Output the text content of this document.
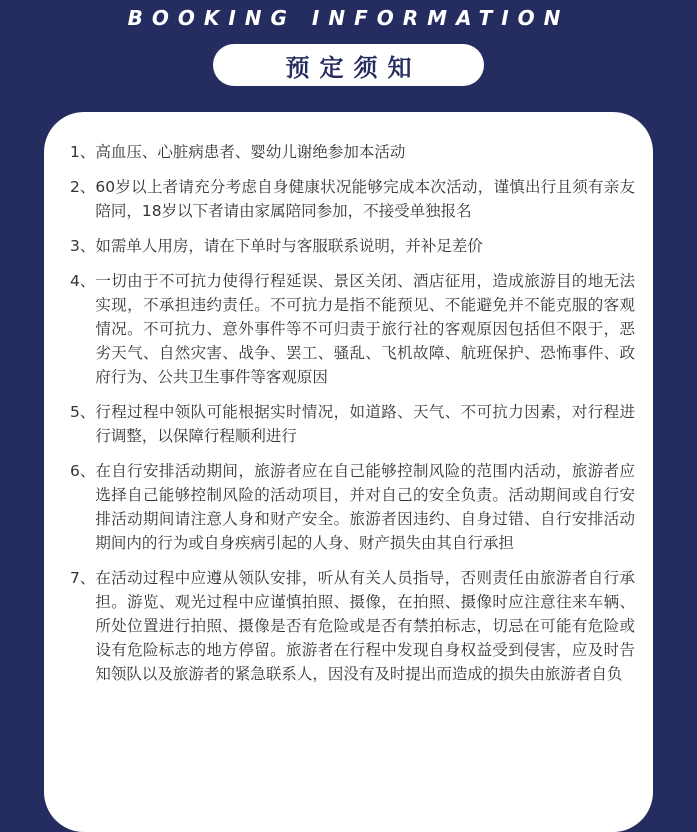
BOOKING INFORMATION
预定须知
1、 高血压、心脏病患者、婴幼儿谢绝参加本活动
2、 60岁以上者请充分考虑自身健康状况能够完成本次活动，谨慎出行且须有亲友陪同，18岁以下者请由家属陪同参加，不接受单独报名
3、 如需单人用房，请在下单时与客服联系说明，并补足差价
4、 一切由于不可抗力使得行程延误、景区关闭、酒店征用，造成旅游目的地无法实现，不承担违约责任。不可抗力是指不能预见、不能避免并不能克服的客观情况。不可抗力、意外事件等不可归责于旅行社的客观原因包括但不限于，恶劣天气、自然灾害、战争、罢工、骚乱、飞机故障、航班保护、恐怖事件、政府行为、公共卫生事件等客观原因
5、 行程过程中领队可能根据实时情况，如道路、天气、不可抗力因素，对行程进行调整，以保障行程顺利进行
6、 在自行安排活动期间，旅游者应在自己能够控制风险的范围内活动，旅游者应选择自己能够控制风险的活动项目，并对自己的安全负责。活动期间或自行安排活动期间请注意人身和财产安全。旅游者因违约、自身过错、自行安排活动期间内的行为或自身疾病引起的人身、财产损失由其自行承担
7、 在活动过程中应遵从领队安排，听从有关人员指导，否则责任由旅游者自行承担。游览、观光过程中应谨慎拍照、摄像，在拍照、摄像时应注意往来车辆、所处位置进行拍照、摄像是否有危险或是否有禁拍标志，切忌在可能有危险或设有危险标志的地方停留。旅游者在行程中发现自身权益受到侵害，应及时告知领队以及旅游者的紧急联系人，因没有及时提出而造成的损失由旅游者自负
